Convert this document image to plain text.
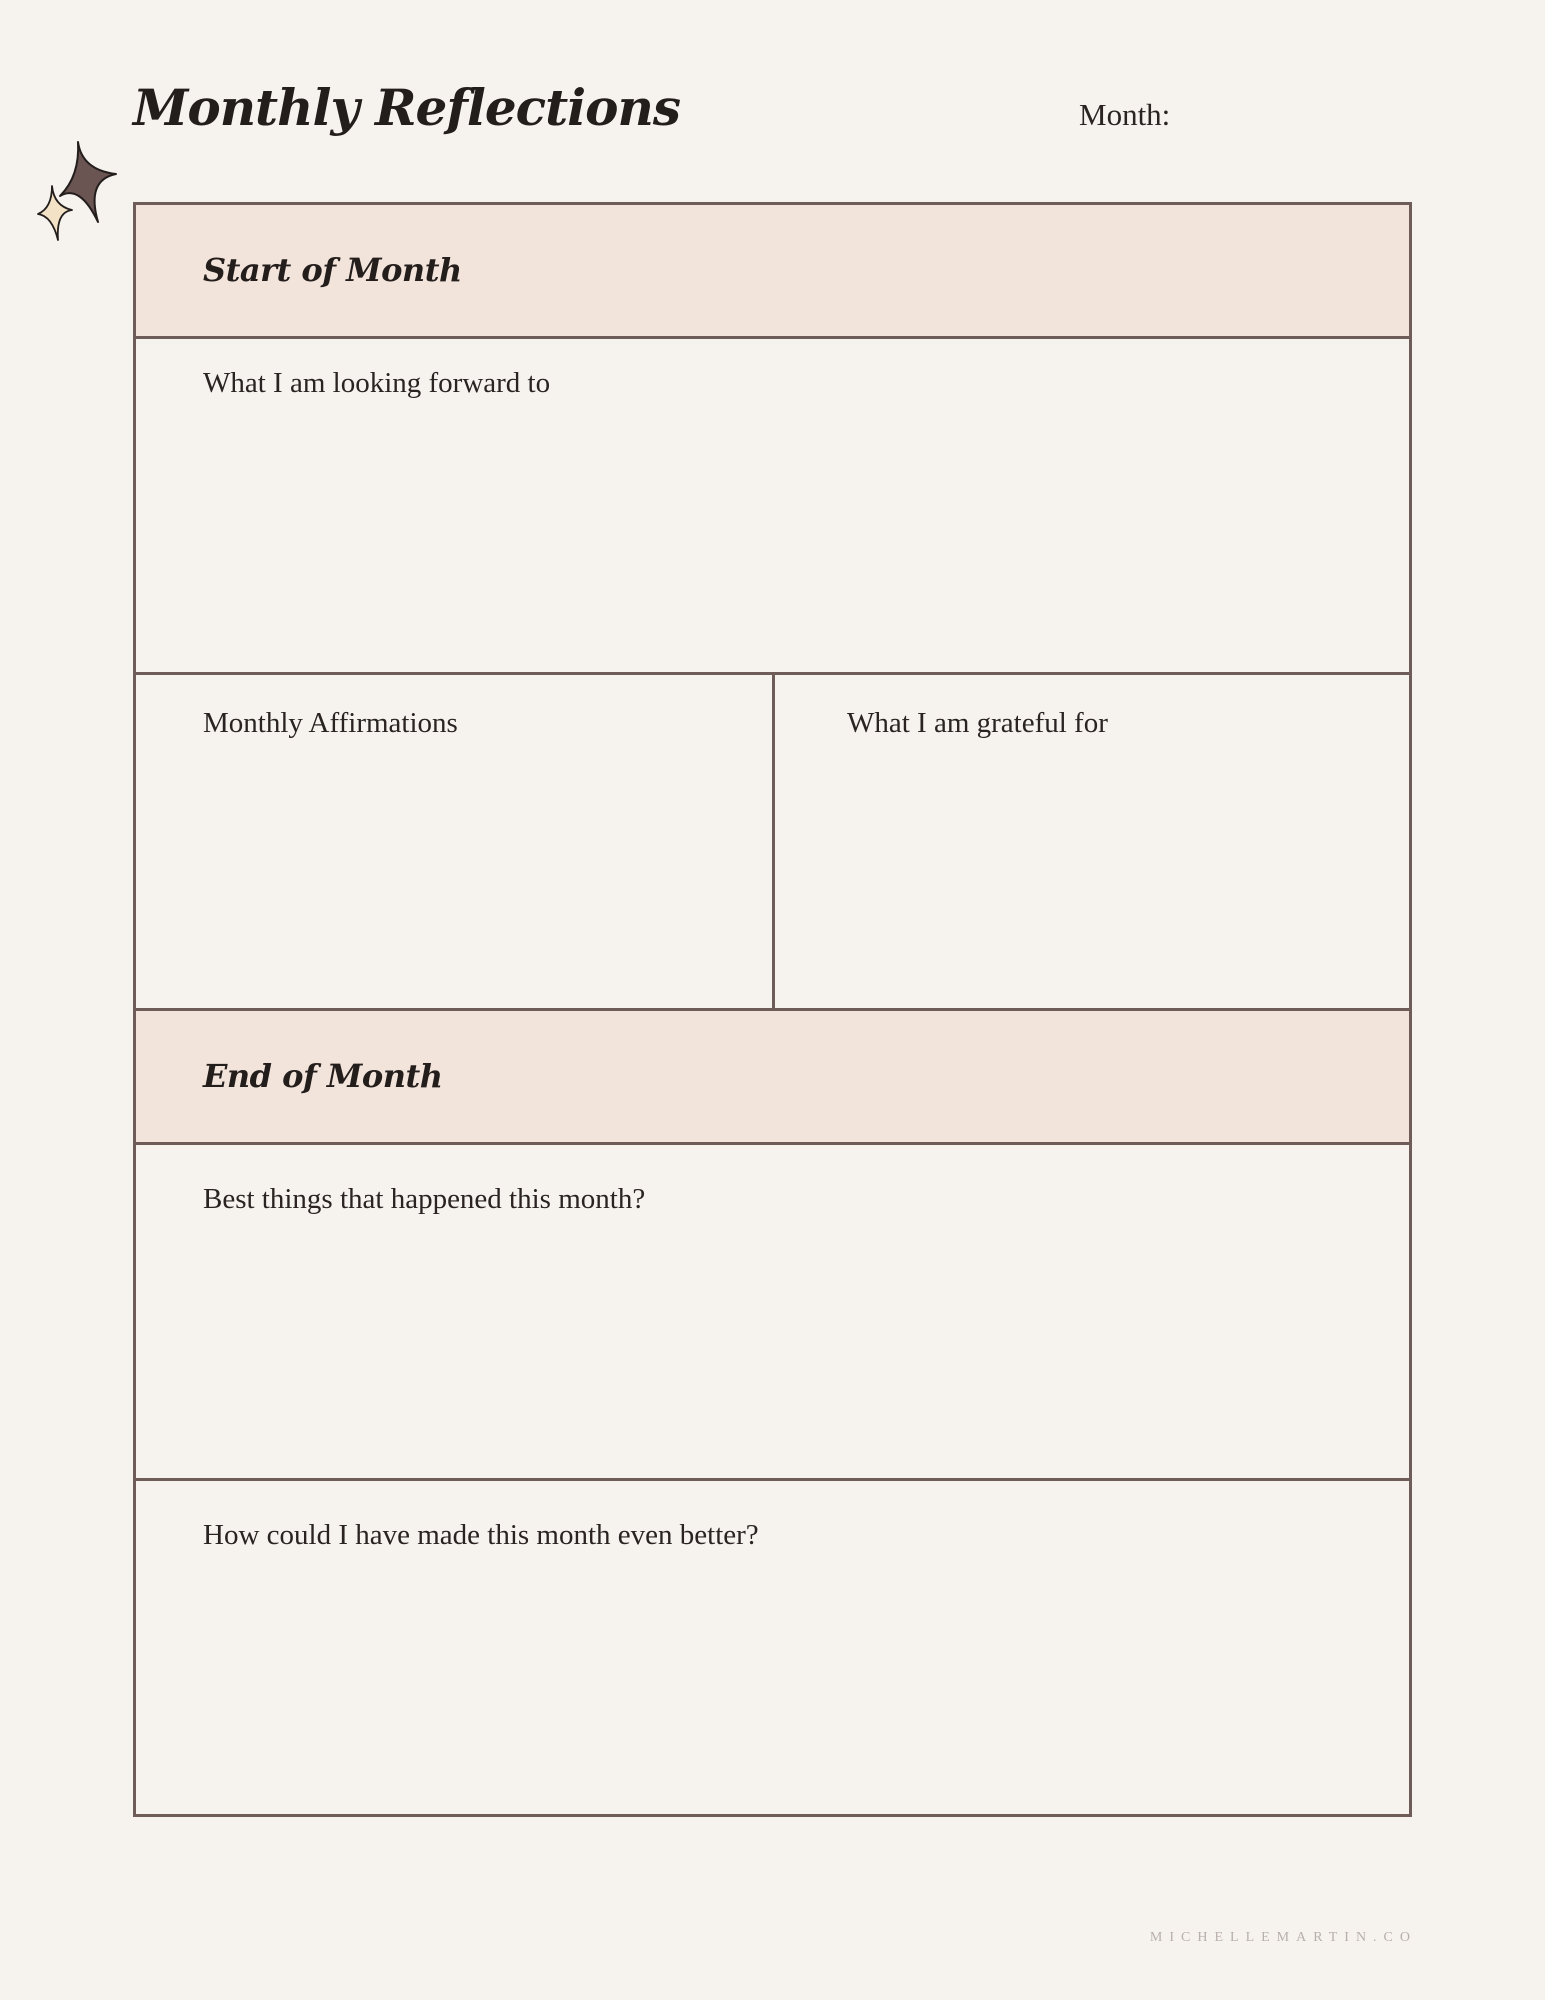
Monthly Reflections	Month:
Start of Month
What I am looking forward to
Monthly Affirmations	What I am grateful for
End of Month
Best things that happened this month?
How could I have made this month even better?
MICHELLEMARTIN.CO
